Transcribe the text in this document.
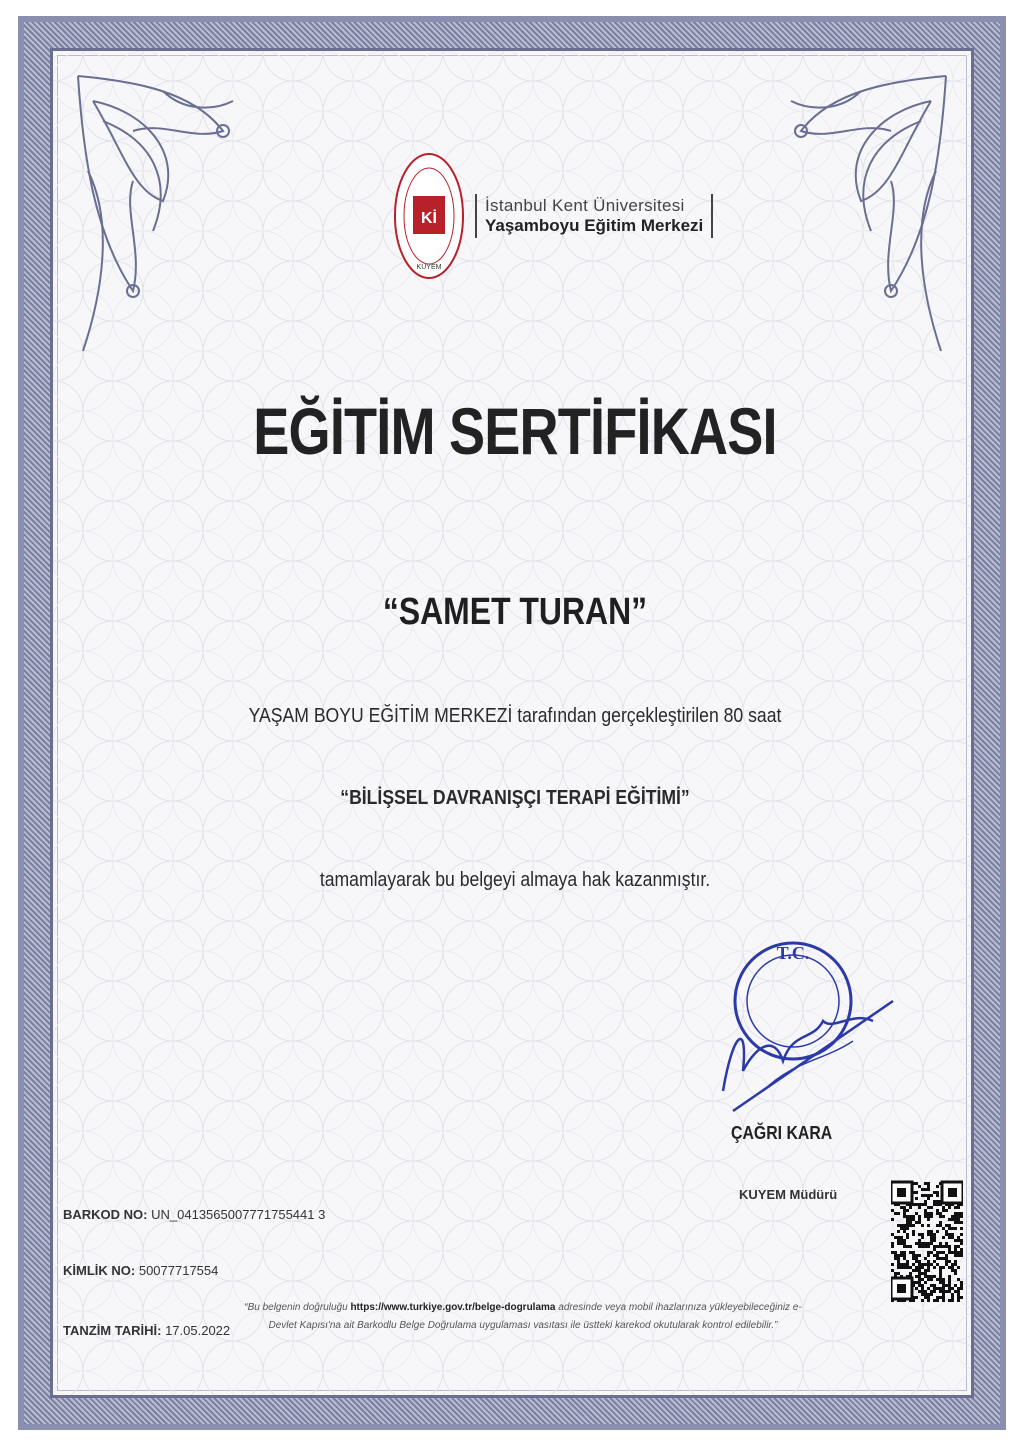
Kİ
KÜYEM
İstanbul Kent Üniversitesi
Yaşamboyu Eğitim Merkezi
EĞİTİM SERTİFİKASI
“SAMET TURAN”
YAŞAM BOYU EĞİTİM MERKEZİ tarafından gerçekleştirilen 80 saat
“BİLİŞSEL DAVRANIŞÇI TERAPİ EĞİTİMİ”
tamamlayarak bu belgeyi almaya hak kazanmıştır.
T.C.
ÇAĞRI KARA
KUYEM Müdürü
BARKOD NO: UN_0413565007771755441 3
KİMLİK NO: 50077717554
TANZİM TARİHİ: 17.05.2022
“Bu belgenin doğruluğu https://www.turkiye.gov.tr/belge-dogrulama adresinde veya mobil ihazlarınıza yükleyebileceğiniz e-Devlet Kapısı'na ait Barkodlu Belge Doğrulama uygulaması vasıtası ile üstteki karekod okutularak kontrol edilebilir.”
